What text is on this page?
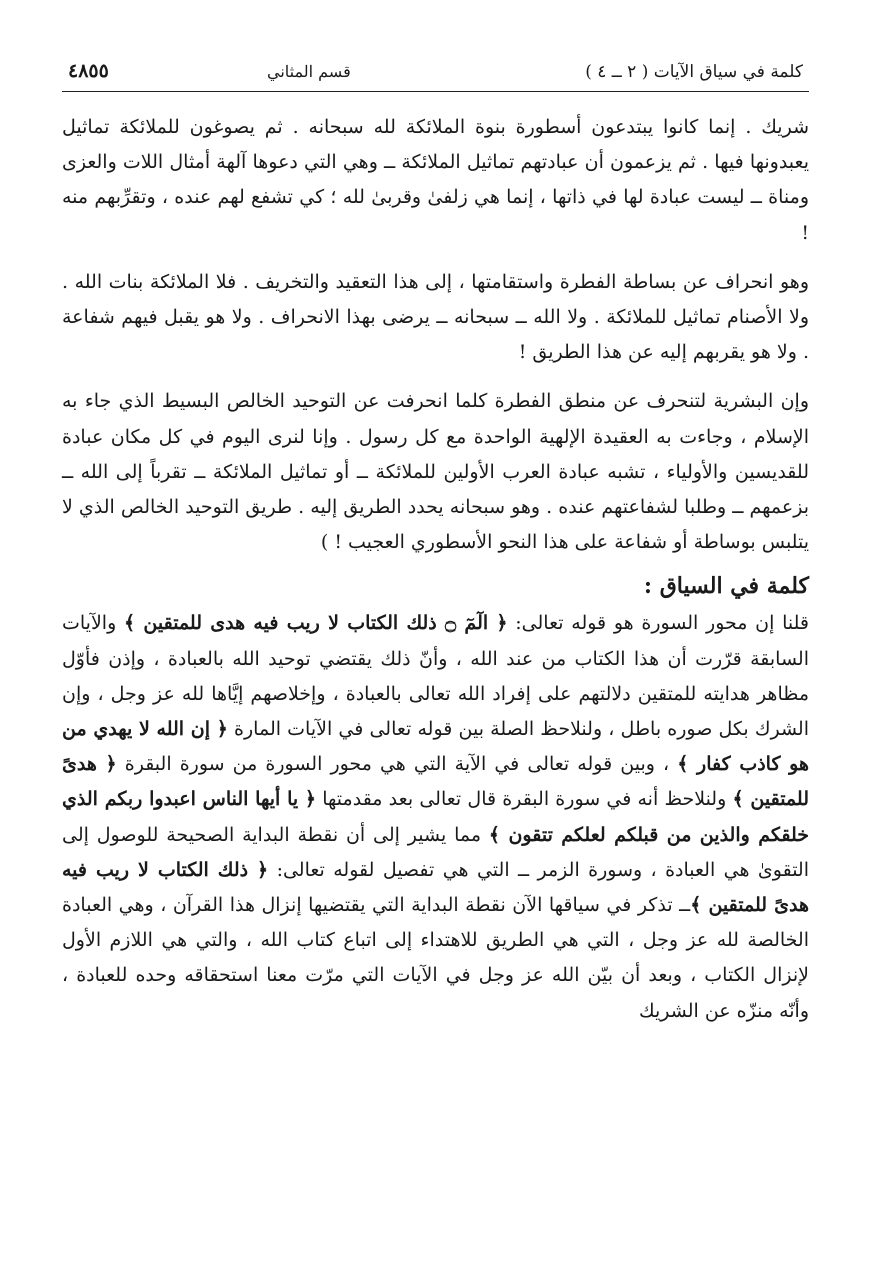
كلمة في سياق الآيات ( ٢ ــ ٤ )
قسم المثاني
٤٨٥٥

شريك . إنما كانوا يبتدعون أسطورة بنوة الملائكة لله سبحانه . ثم يصوغون للملائكة تماثيل يعبدونها فيها . ثم يزعمون أن عبادتهم تماثيل الملائكة ــ وهي التي دعوها آلهة أمثال اللات والعزى ومناة ــ ليست عبادة لها في ذاتها ، إنما هي زلفىٰ وقربىٰ لله ؛ كي تشفع لهم عنده ، وتقرِّبهم منه !

وهو انحراف عن بساطة الفطرة واستقامتها ، إلى هذا التعقيد والتخريف . فلا الملائكة بنات الله . ولا الأصنام تماثيل للملائكة . ولا الله ــ سبحانه ــ يرضى بهذا الانحراف . ولا هو يقبل فيهم شفاعة . ولا هو يقربهم إليه عن هذا الطريق !

وإن البشرية لتنحرف عن منطق الفطرة كلما انحرفت عن التوحيد الخالص البسيط الذي جاء به الإسلام ، وجاءت به العقيدة الإلهية الواحدة مع كل رسول . وإنا لنرى اليوم في كل مكان عبادة للقديسين والأولياء ، تشبه عبادة العرب الأولين للملائكة ــ أو تماثيل الملائكة ــ تقرباً إلى الله ــ بزعمهم ــ وطلبا لشفاعتهم عنده . وهو سبحانه يحدد الطريق إليه . طريق التوحيد الخالص الذي لا يتلبس بوساطة أو شفاعة على هذا النحو الأسطوري العجيب ! )

كلمة في السياق :

قلنا إن محور السورة هو قوله تعالى: ﴿ الٓمٓ ۝ ذلك الكتاب لا ريب فيه هدى للمتقين ﴾ والآيات السابقة قرّرت أن هذا الكتاب من عند الله ، وأنّ ذلك يقتضي توحيد الله بالعبادة ، وإذن فأوّل مظاهر هدايته للمتقين دلالتهم على إفراد الله تعالى بالعبادة ، وإخلاصهم إيَّاها لله عز وجل ، وإن الشرك بكل صوره باطل ، ولنلاحظ الصلة بين قوله تعالى في الآيات المارة ﴿ إن الله لا يهدي من هو كاذب كفار ﴾ ، وبين قوله تعالى في الآية التي هي محور السورة من سورة البقرة ﴿ هدىً للمتقين ﴾ ولنلاحظ أنه في سورة البقرة قال تعالى بعد مقدمتها ﴿ يا أيها الناس اعبدوا ربكم الذي خلقكم والذين من قبلكم لعلكم تتقون ﴾ مما يشير إلى أن نقطة البداية الصحيحة للوصول إلى التقوىٰ هي العبادة ، وسورة الزمر ــ التي هي تفصيل لقوله تعالى: ﴿ ذلك الكتاب لا ريب فيه هدىً للمتقين ﴾ــ تذكر في سياقها الآن نقطة البداية التي يقتضيها إنزال هذا القرآن ، وهي العبادة الخالصة لله عز وجل ، التي هي الطريق للاهتداء إلى اتباع كتاب الله ، والتي هي اللازم الأول لإنزال الكتاب ، وبعد أن بيّن الله عز وجل في الآيات التي مرّت معنا استحقاقه وحده للعبادة ، وأنّه منزّه عن الشريك
